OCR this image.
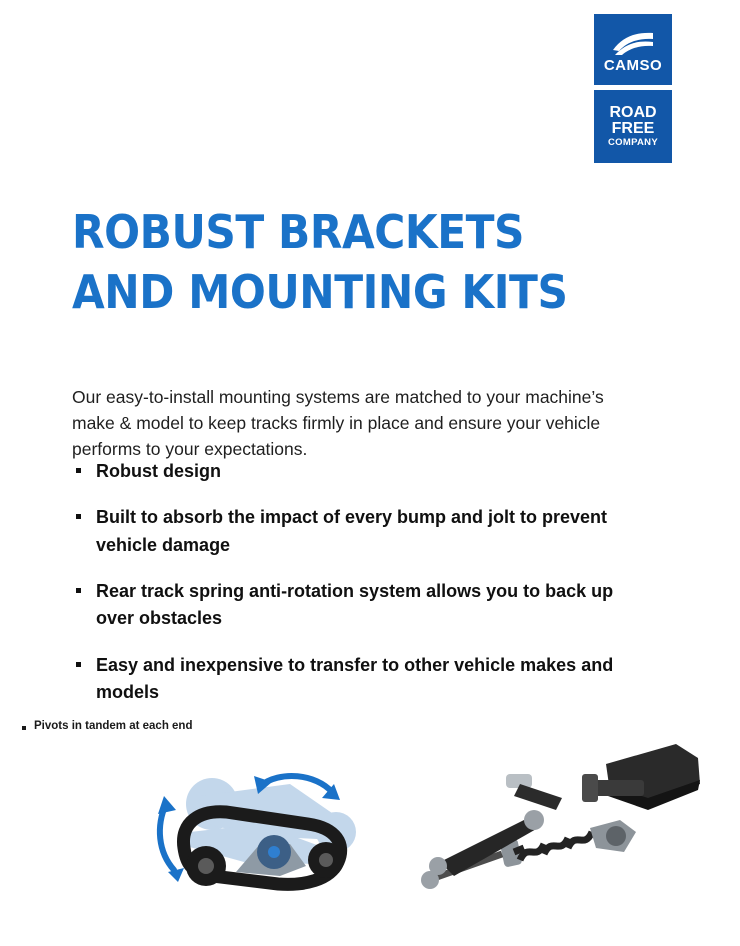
CAMSO
ROAD
FREE
COMPANY
ROBUST BRACKETS
AND MOUNTING KITS

Our easy-to-install mounting systems are matched to your machine’s make & model to keep tracks firmly in place and ensure your vehicle performs to your expectations.

Robust design
Built to absorb the impact of every bump and jolt to prevent vehicle damage
Rear track spring anti-rotation system allows you to back up over obstacles
Easy and inexpensive to transfer to other vehicle makes and models
Pivots in tandem at each end
